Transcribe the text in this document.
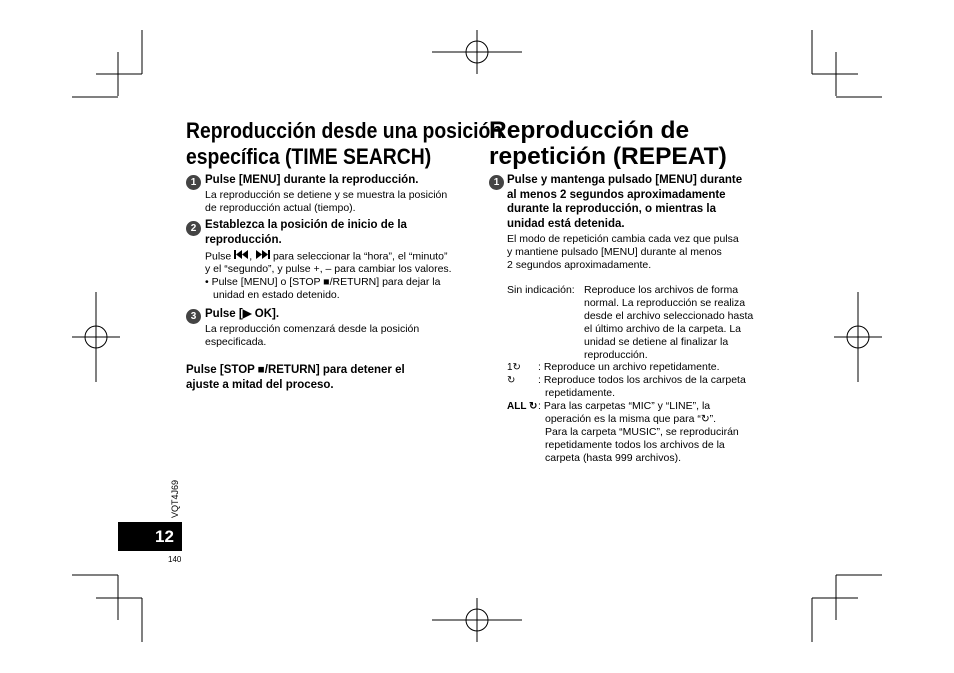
Reproducción desde una posición
específica (TIME SEARCH)
1 Pulse [MENU] durante la reproducción.
La reproducción se detiene y se muestra la posición
de reproducción actual (tiempo).
2 Establezca la posición de inicio de la
reproducción.
Pulse ,  para seleccionar la “hora”, el “minuto”
y el “segundo”, y pulse +, – para cambiar los valores.
• Pulse [MENU] o [STOP ■/RETURN] para dejar la
unidad en estado detenido.
3 Pulse [▶ OK].
La reproducción comenzará desde la posición
especificada.
Pulse [STOP ■/RETURN] para detener el
ajuste a mitad del proceso.
Reproducción de
repetición (REPEAT)
1 Pulse y mantenga pulsado [MENU] durante
al menos 2 segundos aproximadamente
durante la reproducción, o mientras la
unidad está detenida.
El modo de repetición cambia cada vez que pulsa
y mantiene pulsado [MENU] durante al menos
2 segundos aproximadamente.
Sin indicación: Reproduce los archivos de forma
normal. La reproducción se realiza
desde el archivo seleccionado hasta
el último archivo de la carpeta. La
unidad se detiene al finalizar la
reproducción.
1↻ : Reproduce un archivo repetidamente.
↻ : Reproduce todos los archivos de la carpeta
repetidamente.
ALL ↻ : Para las carpetas “MIC” y “LINE”, la
operación es la misma que para “↻”.
Para la carpeta “MUSIC”, se reproducirán
repetidamente todos los archivos de la
carpeta (hasta 999 archivos).
VQT4J69
12
140
